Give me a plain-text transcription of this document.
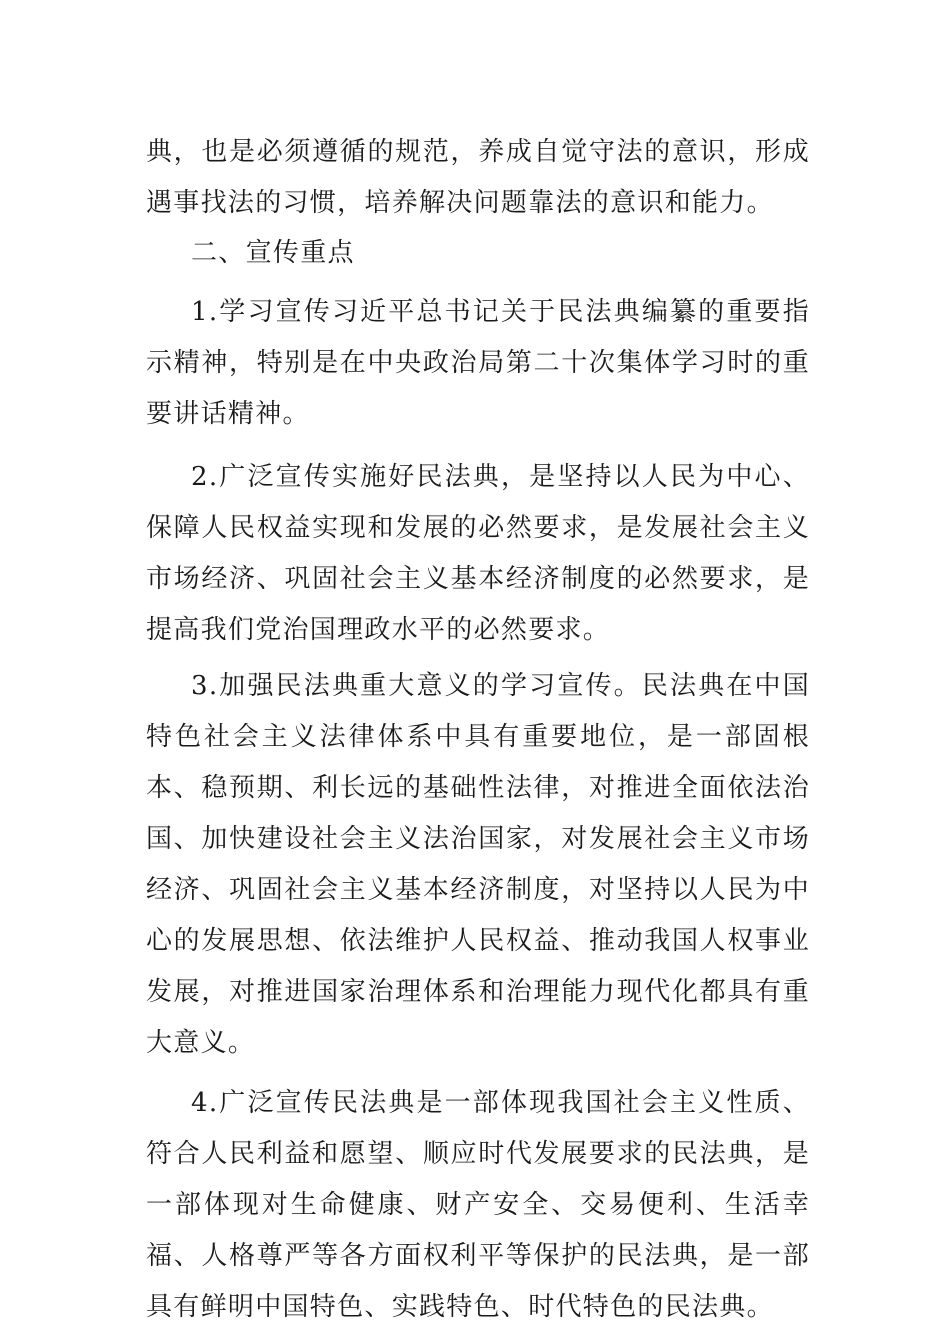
典，也是必须遵循的规范，养成自觉守法的意识，形成遇事找法的习惯，培养解决问题靠法的意识和能力。

二、宣传重点

1.学习宣传习近平总书记关于民法典编纂的重要指示精神，特别是在中央政治局第二十次集体学习时的重要讲话精神。

2.广泛宣传实施好民法典，是坚持以人民为中心、保障人民权益实现和发展的必然要求，是发展社会主义市场经济、巩固社会主义基本经济制度的必然要求，是提高我们党治国理政水平的必然要求。

3.加强民法典重大意义的学习宣传。民法典在中国特色社会主义法律体系中具有重要地位，是一部固根本、稳预期、利长远的基础性法律，对推进全面依法治国、加快建设社会主义法治国家，对发展社会主义市场经济、巩固社会主义基本经济制度，对坚持以人民为中心的发展思想、依法维护人民权益、推动我国人权事业发展，对推进国家治理体系和治理能力现代化都具有重大意义。

4.广泛宣传民法典是一部体现我国社会主义性质、符合人民利益和愿望、顺应时代发展要求的民法典，是一部体现对生命健康、财产安全、交易便利、生活幸福、人格尊严等各方面权利平等保护的民法典，是一部具有鲜明中国特色、实践特色、时代特色的民法典。
